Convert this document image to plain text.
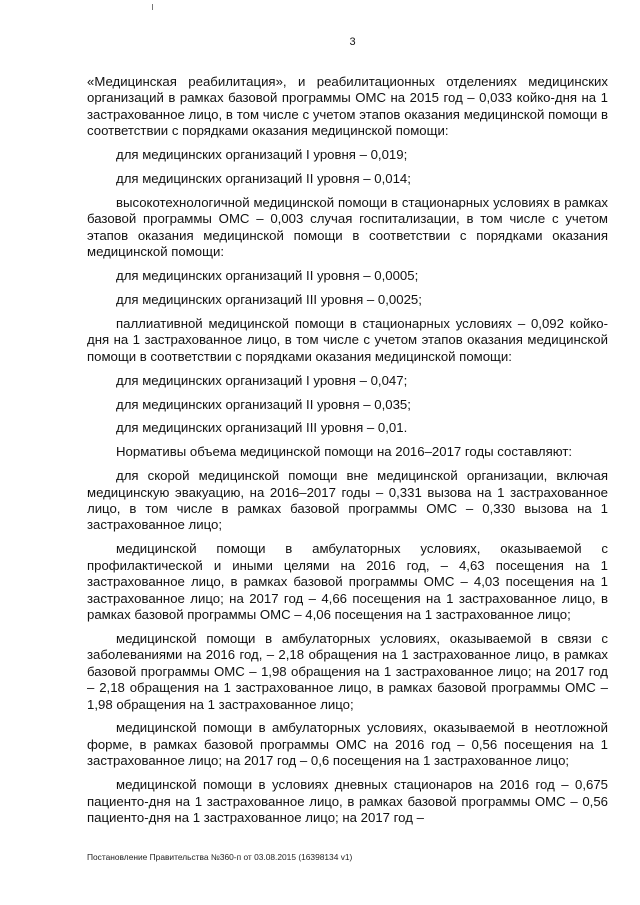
3

«Медицинская реабилитация», и реабилитационных отделениях медицинских организаций в рамках базовой программы ОМС на 2015 год – 0,033 койко-дня на 1 застрахованное лицо, в том числе с учетом этапов оказания медицинской помощи в соответствии с порядками оказания медицинской помощи:

для медицинских организаций I уровня – 0,019;

для медицинских организаций II уровня – 0,014;

высокотехнологичной медицинской помощи в стационарных условиях в рамках базовой программы ОМС – 0,003 случая госпитализации, в том числе с учетом этапов оказания медицинской помощи в соответствии с порядками оказания медицинской помощи:

для медицинских организаций II уровня – 0,0005;

для медицинских организаций III уровня – 0,0025;

паллиативной медицинской помощи в стационарных условиях – 0,092 койко-дня на 1 застрахованное лицо, в том числе с учетом этапов оказания медицинской помощи в соответствии с порядками оказания медицинской помощи:

для медицинских организаций I уровня – 0,047;

для медицинских организаций II уровня – 0,035;

для медицинских организаций III уровня – 0,01.

Нормативы объема медицинской помощи на 2016–2017 годы составляют:

для скорой медицинской помощи вне медицинской организации, включая медицинскую эвакуацию, на 2016–2017 годы – 0,331 вызова на 1 застрахованное лицо, в том числе в рамках базовой программы ОМС – 0,330 вызова на 1 застрахованное лицо;

медицинской помощи в амбулаторных условиях, оказываемой с профилактической и иными целями на 2016 год, – 4,63 посещения на 1 застрахованное лицо, в рамках базовой программы ОМС – 4,03 посещения на 1 застрахованное лицо; на 2017 год – 4,66 посещения на 1 застрахованное лицо, в рамках базовой программы ОМС – 4,06 посещения на 1 застрахованное лицо;

медицинской помощи в амбулаторных условиях, оказываемой в связи с заболеваниями на 2016 год, – 2,18 обращения на 1 застрахованное лицо, в рамках базовой программы ОМС – 1,98 обращения на 1 застрахованное лицо; на 2017 год – 2,18 обращения на 1 застрахованное лицо, в рамках базовой программы ОМС – 1,98 обращения на 1 застрахованное лицо;

медицинской помощи в амбулаторных условиях, оказываемой в неотложной форме, в рамках базовой программы ОМС на 2016 год – 0,56 посещения на 1 застрахованное лицо; на 2017 год – 0,6 посещения на 1 застрахованное лицо;

медицинской помощи в условиях дневных стационаров на 2016 год – 0,675 пациенто-дня на 1 застрахованное лицо, в рамках базовой программы ОМС – 0,56 пациенто-дня на 1 застрахованное лицо; на 2017 год –

Постановление Правительства №360-п от 03.08.2015 (16398134 v1)
